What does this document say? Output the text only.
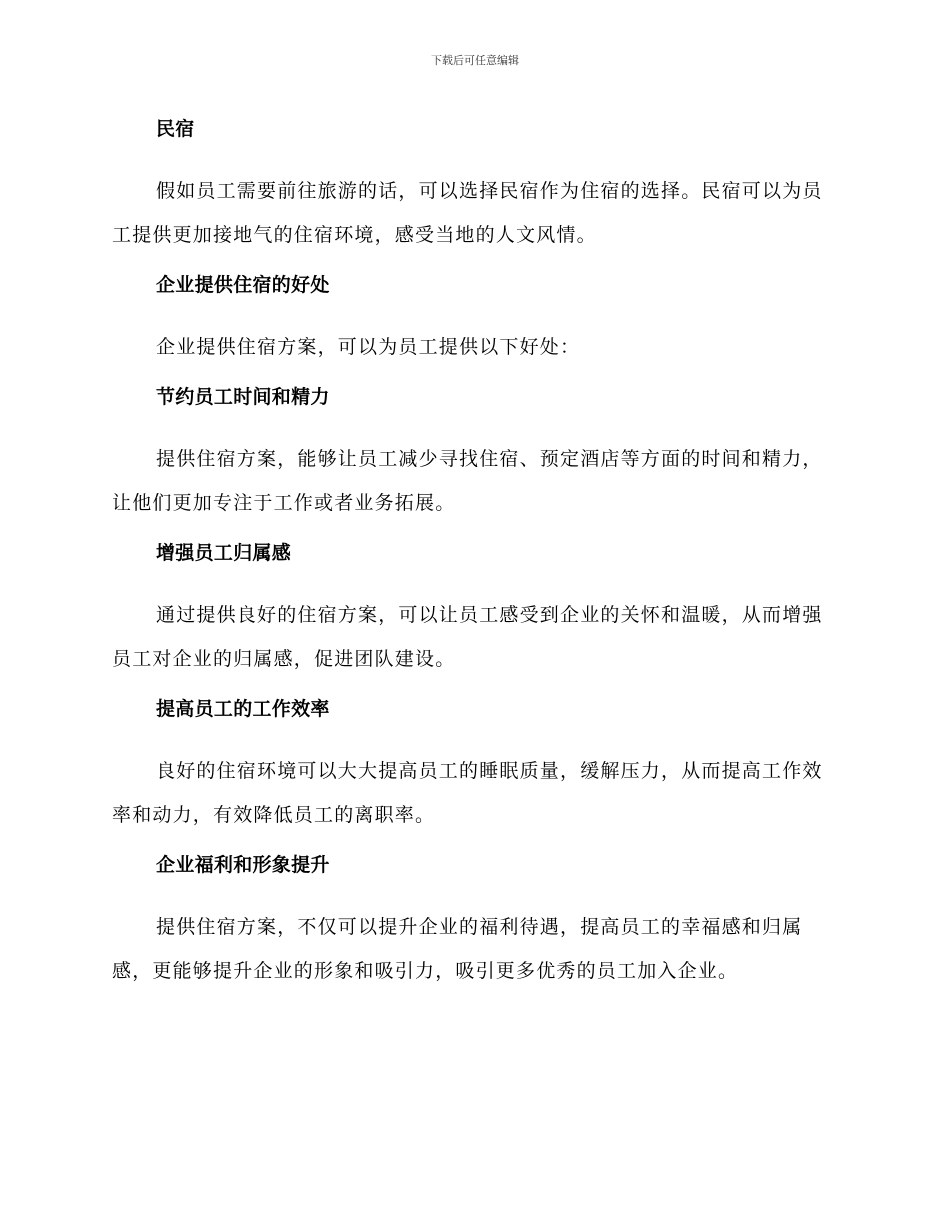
下载后可任意编辑
民宿

假如员工需要前往旅游的话，可以选择民宿作为住宿的选择。民宿可以为员工提供更加接地气的住宿环境，感受当地的人文风情。

企业提供住宿的好处

企业提供住宿方案，可以为员工提供以下好处：

节约员工时间和精力

提供住宿方案，能够让员工减少寻找住宿、预定酒店等方面的时间和精力，让他们更加专注于工作或者业务拓展。

增强员工归属感

通过提供良好的住宿方案，可以让员工感受到企业的关怀和温暖，从而增强员工对企业的归属感，促进团队建设。

提高员工的工作效率

良好的住宿环境可以大大提高员工的睡眠质量，缓解压力，从而提高工作效率和动力，有效降低员工的离职率。

企业福利和形象提升

提供住宿方案，不仅可以提升企业的福利待遇，提高员工的幸福感和归属感，更能够提升企业的形象和吸引力，吸引更多优秀的员工加入企业。
